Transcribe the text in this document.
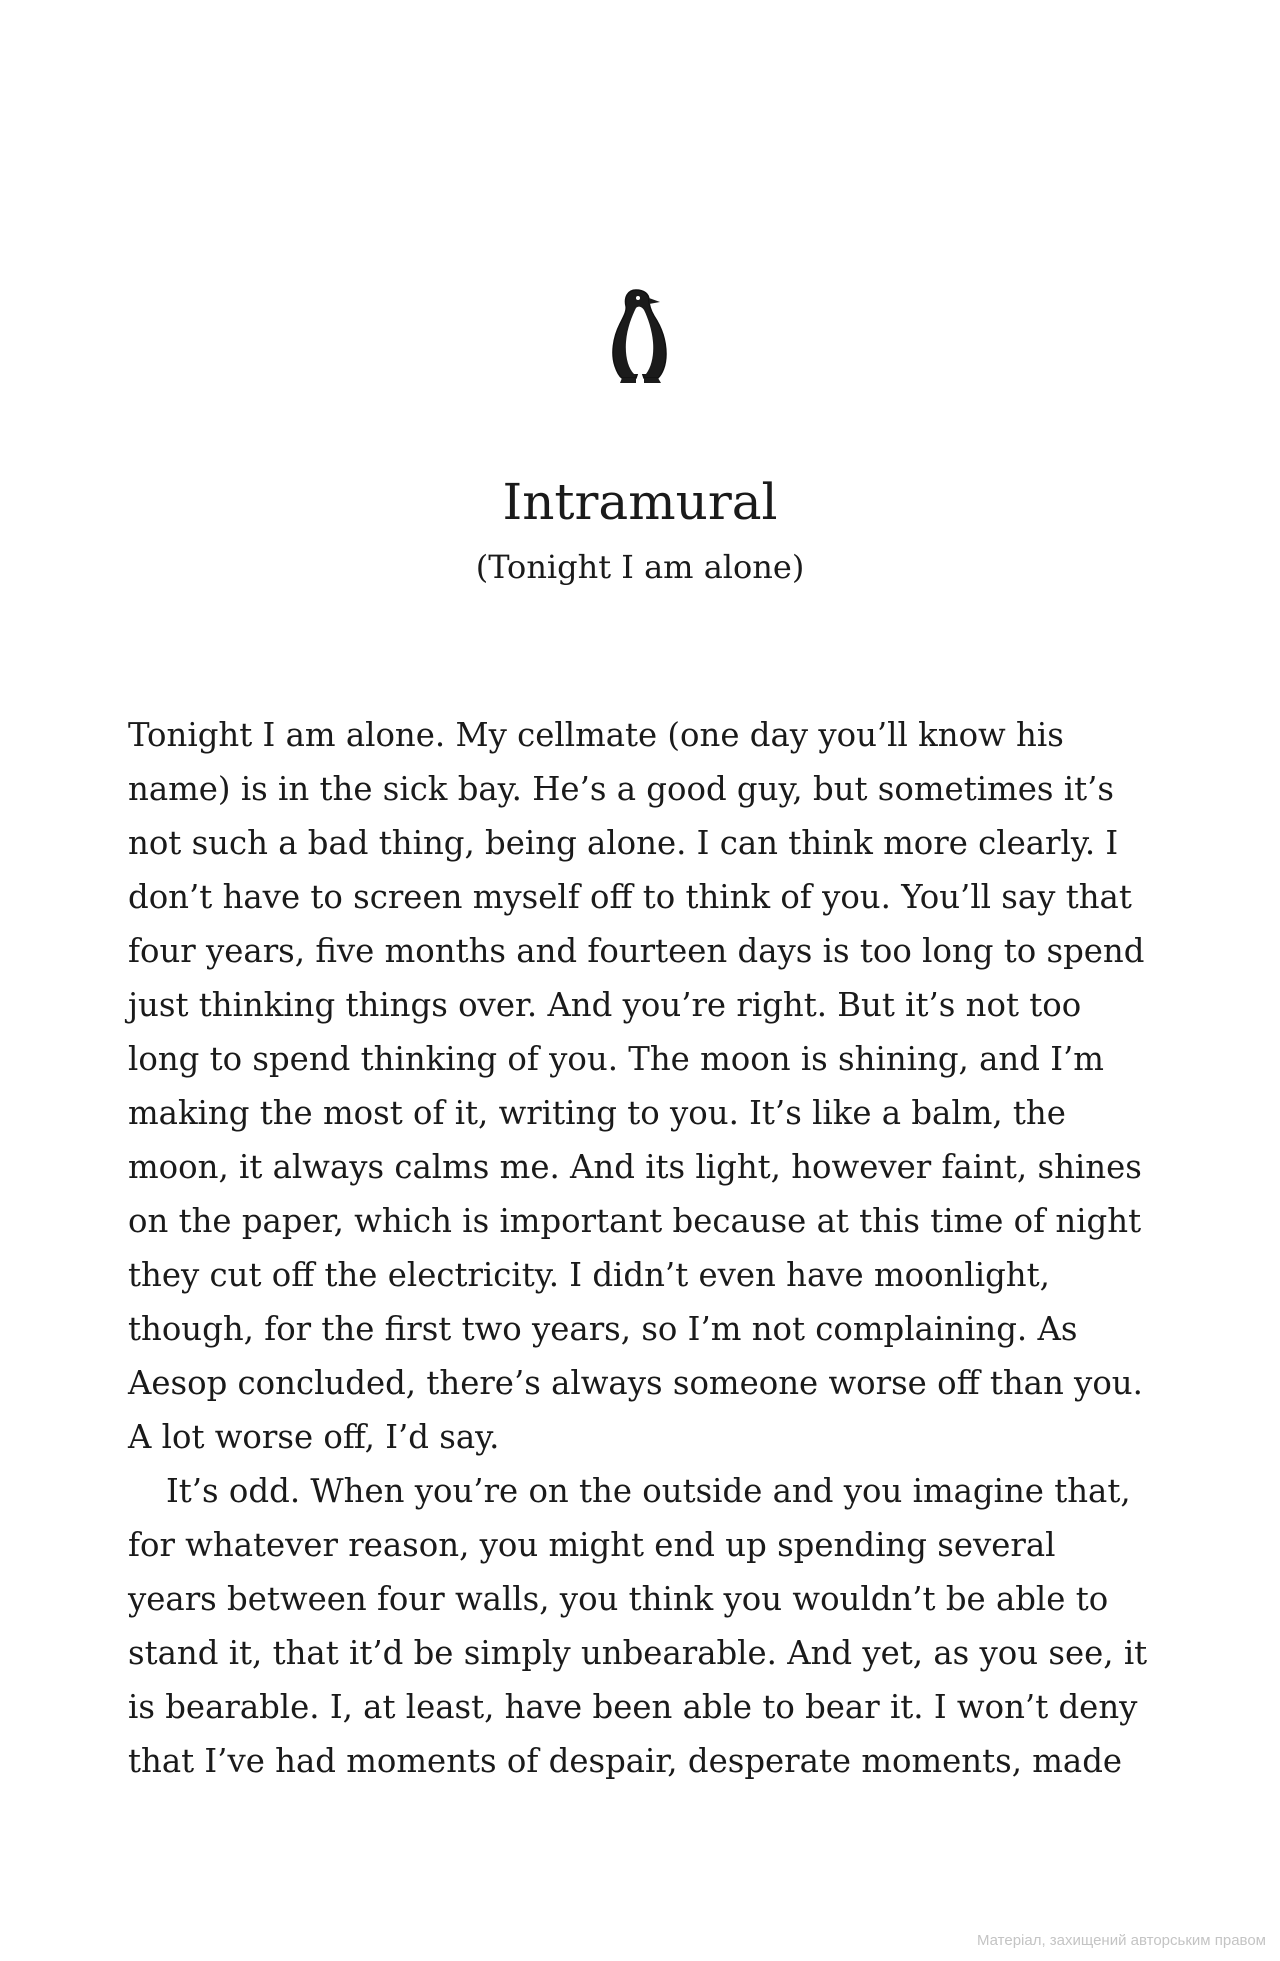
Intramural
(Tonight I am alone)
Tonight I am alone. My cellmate (one day you’ll know his
name) is in the sick bay. He’s a good guy, but sometimes it’s
not such a bad thing, being alone. I can think more clearly. I
don’t have to screen myself off to think of you. You’ll say that
four years, five months and fourteen days is too long to spend
just thinking things over. And you’re right. But it’s not too
long to spend thinking of you. The moon is shining, and I’m
making the most of it, writing to you. It’s like a balm, the
moon, it always calms me. And its light, however faint, shines
on the paper, which is important because at this time of night
they cut off the electricity. I didn’t even have moonlight,
though, for the first two years, so I’m not complaining. As
Aesop concluded, there’s always someone worse off than you.
A lot worse off, I’d say.
It’s odd. When you’re on the outside and you imagine that,
for whatever reason, you might end up spending several
years between four walls, you think you wouldn’t be able to
stand it, that it’d be simply unbearable. And yet, as you see, it
is bearable. I, at least, have been able to bear it. I won’t deny
that I’ve had moments of despair, desperate moments, made
Матеріал, захищений авторським правом
